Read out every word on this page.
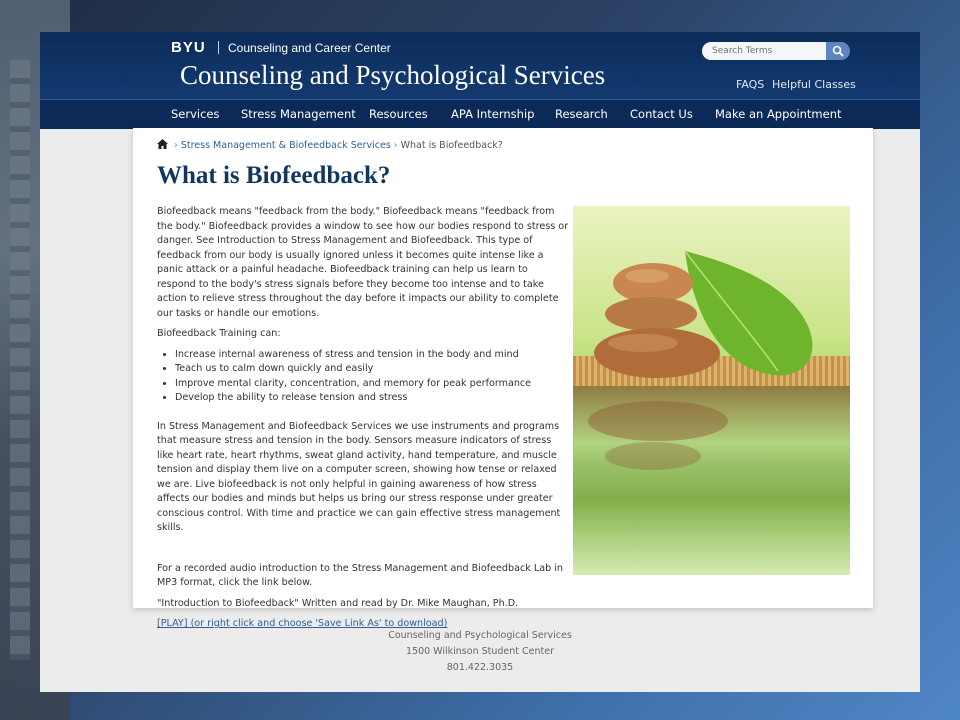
BYU Counseling and Career Center
Counseling and Psychological Services
Search Terms	FAQS Helpful Classes
Services Stress Management Resources APA Internship Research Contact Us Make an Appointment
› Stress Management & Biofeedback Services › What is Biofeedback?
What is Biofeedback?

Biofeedback means "feedback from the body." Biofeedback means "feedback from the body." Biofeedback provides a window to see how our bodies respond to stress or danger. See Introduction to Stress Management and Biofeedback. This type of feedback from our body is usually ignored unless it becomes quite intense like a panic attack or a painful headache. Biofeedback training can help us learn to respond to the body's stress signals before they become too intense and to take action to relieve stress throughout the day before it impacts our ability to complete our tasks or handle our emotions.

Biofeedback Training can:

• Increase internal awareness of stress and tension in the body and mind
• Teach us to calm down quickly and easily
• Improve mental clarity, concentration, and memory for peak performance
• Develop the ability to release tension and stress

In Stress Management and Biofeedback Services we use instruments and programs that measure stress and tension in the body. Sensors measure indicators of stress like heart rate, heart rhythms, sweat gland activity, hand temperature, and muscle tension and display them live on a computer screen, showing how tense or relaxed we are. Live biofeedback is not only helpful in gaining awareness of how stress affects our bodies and minds but helps us bring our stress response under greater conscious control. With time and practice we can gain effective stress management skills.

For a recorded audio introduction to the Stress Management and Biofeedback Lab in MP3 format, click the link below.

"Introduction to Biofeedback" Written and read by Dr. Mike Maughan, Ph.D.

[PLAY] (or right click and choose 'Save Link As' to download)

Counseling and Psychological Services
1500 Wilkinson Student Center
801.422.3035
